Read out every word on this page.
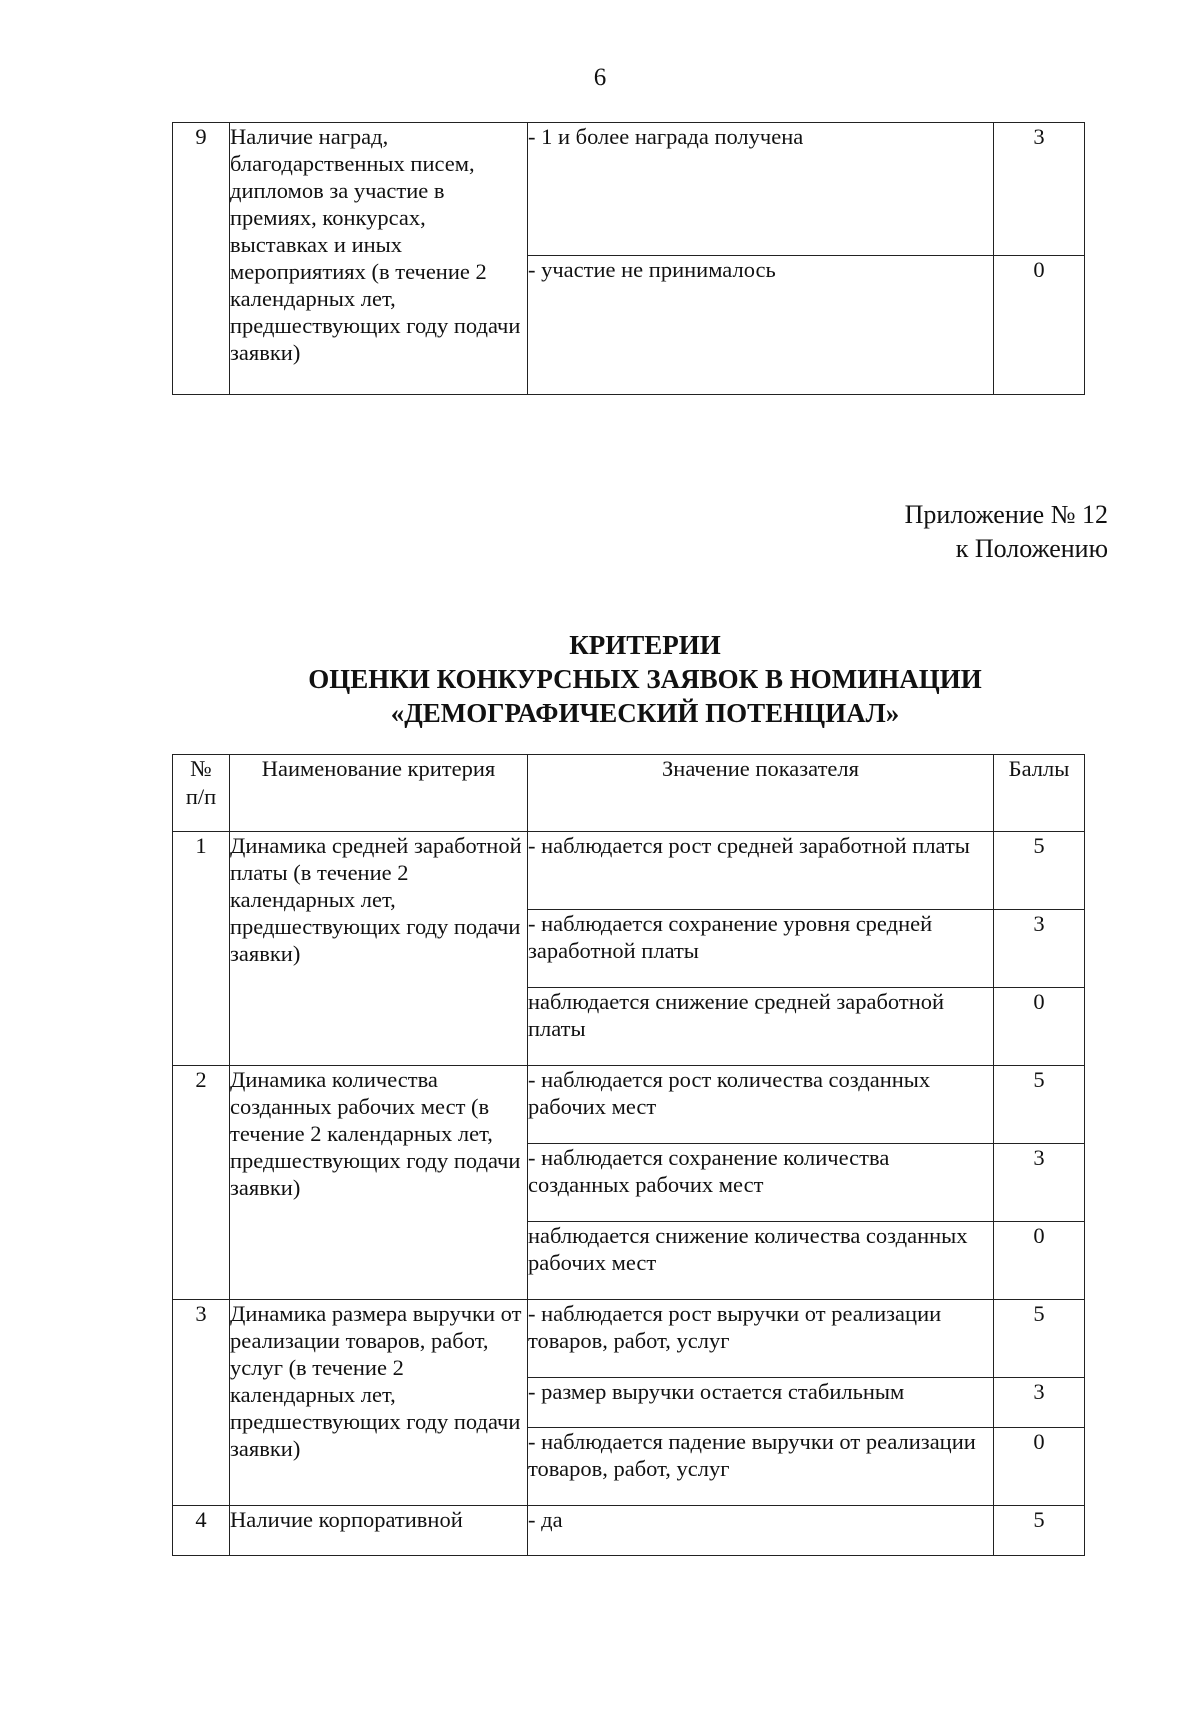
6
9	Наличие наград, благодарственных писем, дипломов за участие в премиях, конкурсах, выставках и иных мероприятиях (в течение 2 календарных лет, предшествующих году подачи заявки)	- 1 и более награда получена	3
		- участие не принималось	0
Приложение № 12
к Положению
КРИТЕРИИ
ОЦЕНКИ КОНКУРСНЫХ ЗАЯВОК В НОМИНАЦИИ
«ДЕМОГРАФИЧЕСКИЙ ПОТЕНЦИАЛ»
№
п/п	Наименование критерия	Значение показателя	Баллы
1	Динамика средней заработной платы (в течение 2 календарных лет, предшествующих году подачи заявки)	- наблюдается рост средней заработной платы	5
		- наблюдается сохранение уровня средней заработной платы	3
		наблюдается снижение средней заработной платы	0
2	Динамика количества созданных рабочих мест (в течение 2 календарных лет, предшествующих году подачи заявки)	- наблюдается рост количества созданных рабочих мест	5
		- наблюдается сохранение количества созданных рабочих мест	3
		наблюдается снижение количества созданных рабочих мест	0
3	Динамика размера выручки от реализации товаров, работ, услуг (в течение 2 календарных лет, предшествующих году подачи заявки)	- наблюдается рост выручки от реализации товаров, работ, услуг	5
		- размер выручки остается стабильным	3
		- наблюдается падение выручки от реализации товаров, работ, услуг	0
4	Наличие корпоративной	- да	5
